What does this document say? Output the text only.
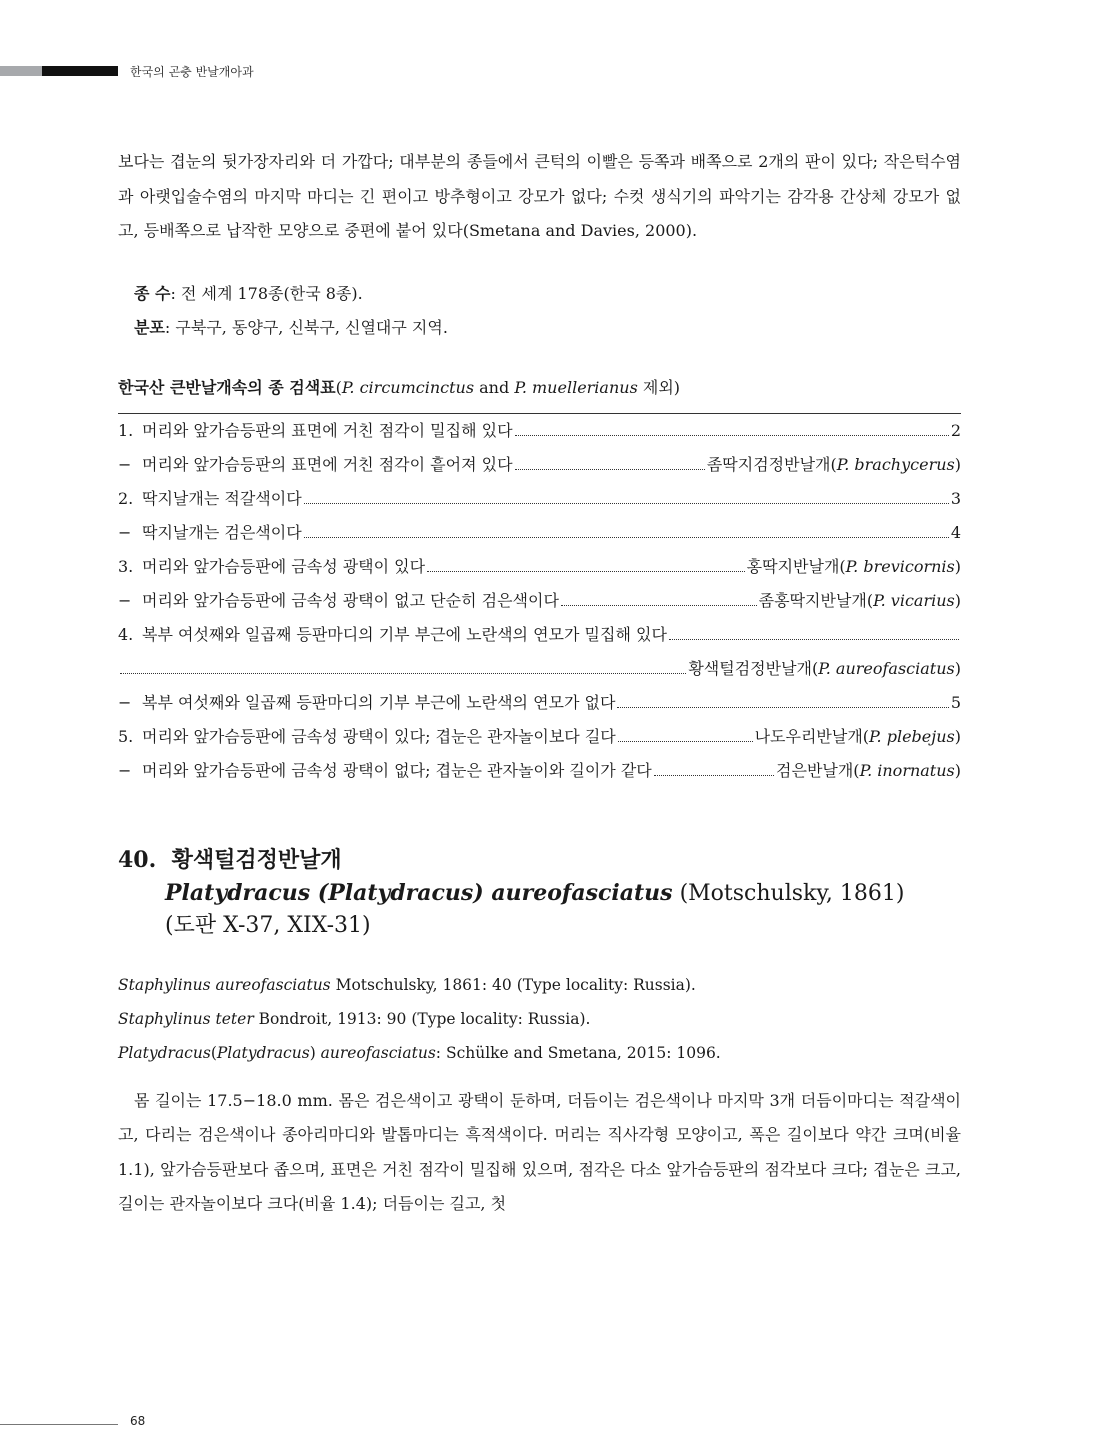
한국의 곤충 반날개아과

보다는 겹눈의 뒷가장자리와 더 가깝다; 대부분의 종들에서 큰턱의 이빨은 등쪽과 배쪽으로 2개의 판이 있다; 작은턱수염과 아랫입술수염의 마지막 마디는 긴 편이고 방추형이고 강모가 없다; 수컷 생식기의 파악기는 감각용 간상체 강모가 없고, 등배쪽으로 납작한 모양으로 중편에 붙어 있다(Smetana and Davies, 2000).

종 수: 전 세계 178종(한국 8종).

분포: 구북구, 동양구, 신북구, 신열대구 지역.

한국산 큰반날개속의 종 검색표(P. circumcinctus and P. muellerianus 제외)

1. 머리와 앞가슴등판의 표면에 거친 점각이 밀집해 있다	2
− 머리와 앞가슴등판의 표면에 거친 점각이 흩어져 있다	좀딱지검정반날개( P. brachycerus )
2. 딱지날개는 적갈색이다	3
− 딱지날개는 검은색이다	4
3. 머리와 앞가슴등판에 금속성 광택이 있다	홍딱지반날개( P. brevicornis )
− 머리와 앞가슴등판에 금속성 광택이 없고 단순히 검은색이다	좀홍딱지반날개( P. vicarius )
4. 복부 여섯째와 일곱째 등판마디의 기부 부근에 노란색의 연모가 밀집해 있다
황색털검정반날개( P. aureofasciatus )
− 복부 여섯째와 일곱째 등판마디의 기부 부근에 노란색의 연모가 없다	5
5. 머리와 앞가슴등판에 금속성 광택이 있다; 겹눈은 관자놀이보다 길다	나도우리반날개( P. plebejus )
− 머리와 앞가슴등판에 금속성 광택이 없다; 겹눈은 관자놀이와 길이가 같다	검은반날개( P. inornatus )

40. 황색털검정반날개

Platydracus (Platydracus) aureofasciatus (Motschulsky, 1861)

(도판 X-37, XIX-31)

Staphylinus aureofasciatus Motschulsky, 1861: 40 (Type locality: Russia).

Staphylinus teter Bondroit, 1913: 90 (Type locality: Russia).

Platydracus(Platydracus) aureofasciatus: Schülke and Smetana, 2015: 1096.

몸 길이는 17.5−18.0 mm. 몸은 검은색이고 광택이 둔하며, 더듬이는 검은색이나 마지막 3개 더듬이마디는 적갈색이고, 다리는 검은색이나 종아리마디와 발톱마디는 흑적색이다. 머리는 직사각형 모양이고, 폭은 길이보다 약간 크며(비율 1.1), 앞가슴등판보다 좁으며, 표면은 거친 점각이 밀집해 있으며, 점각은 다소 앞가슴등판의 점각보다 크다; 겹눈은 크고, 길이는 관자놀이보다 크다(비율 1.4); 더듬이는 길고, 첫

68
